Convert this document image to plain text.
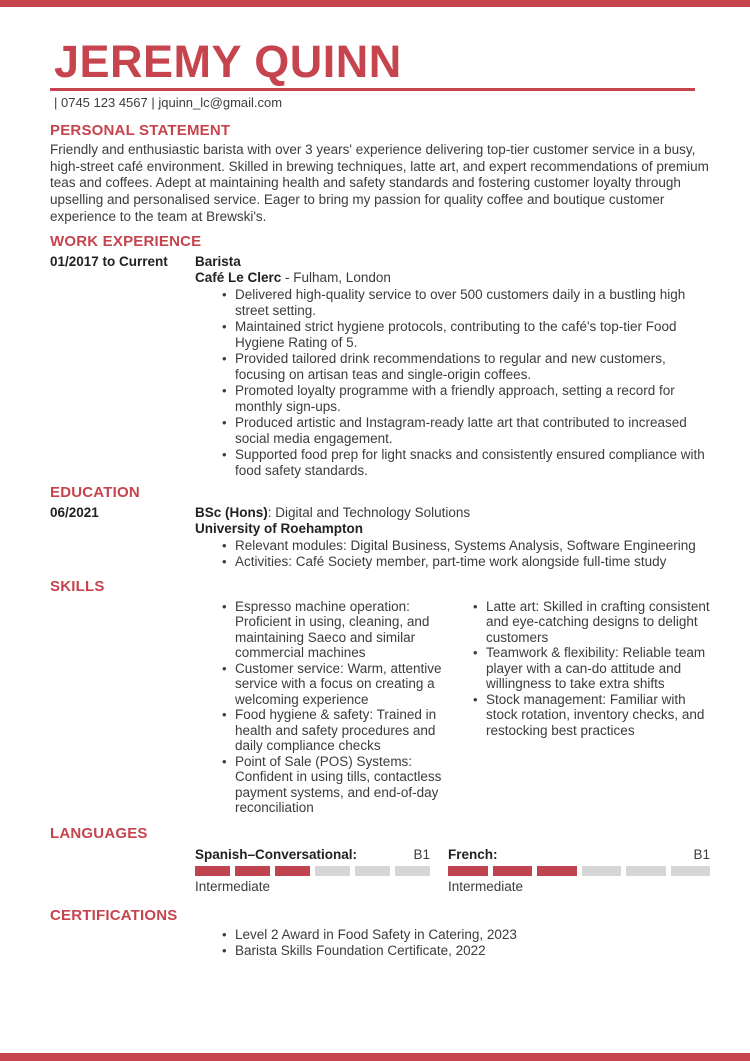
JEREMY QUINN
| 0745 123 4567 | jquinn_lc@gmail.com
PERSONAL STATEMENT
Friendly and enthusiastic barista with over 3 years' experience delivering top-tier customer service in a busy, high-street café environment. Skilled in brewing techniques, latte art, and expert recommendations of premium teas and coffees. Adept at maintaining health and safety standards and fostering customer loyalty through upselling and personalised service. Eager to bring my passion for quality coffee and boutique customer experience to the team at Brewski's.
WORK EXPERIENCE
01/2017 to Current	Barista
Café Le Clerc - Fulham, London
• Delivered high-quality service to over 500 customers daily in a bustling high street setting.
• Maintained strict hygiene protocols, contributing to the café's top-tier Food Hygiene Rating of 5.
• Provided tailored drink recommendations to regular and new customers, focusing on artisan teas and single-origin coffees.
• Promoted loyalty programme with a friendly approach, setting a record for monthly sign-ups.
• Produced artistic and Instagram-ready latte art that contributed to increased social media engagement.
• Supported food prep for light snacks and consistently ensured compliance with food safety standards.
EDUCATION
06/2021	BSc (Hons): Digital and Technology Solutions
University of Roehampton
• Relevant modules: Digital Business, Systems Analysis, Software Engineering
• Activities: Café Society member, part-time work alongside full-time study
SKILLS
• Espresso machine operation: Proficient in using, cleaning, and maintaining Saeco and similar commercial machines
• Customer service: Warm, attentive service with a focus on creating a welcoming experience
• Food hygiene & safety: Trained in health and safety procedures and daily compliance checks
• Point of Sale (POS) Systems: Confident in using tills, contactless payment systems, and end-of-day reconciliation
• Latte art: Skilled in crafting consistent and eye-catching designs to delight customers
• Teamwork & flexibility: Reliable team player with a can-do attitude and willingness to take extra shifts
• Stock management: Familiar with stock rotation, inventory checks, and restocking best practices
LANGUAGES
Spanish–Conversational:	B1
Intermediate
French:	B1
Intermediate
CERTIFICATIONS
• Level 2 Award in Food Safety in Catering, 2023
• Barista Skills Foundation Certificate, 2022
